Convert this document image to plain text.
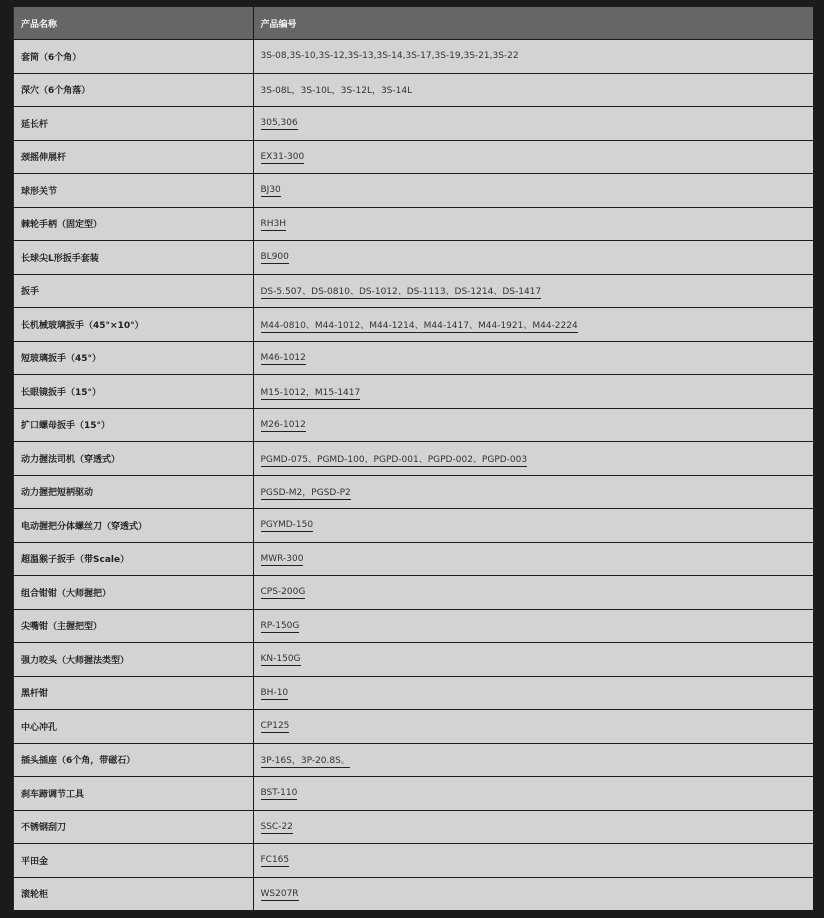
产品名称	产品编号
套筒（6个角）	3S-08,3S-10,3S-12,3S-13,3S-14,3S-17,3S-19,3S-21,3S-22
深穴（6个角落）	3S-08L，3S-10L，3S-12L，3S-14L
延长杆	305,306
颈摇伸展杆	EX31-300
球形关节	BJ30
棘轮手柄（固定型）	RH3H
长球尖L形扳手套装	BL900
扳手	DS-5.507、DS-0810、DS-1012、DS-1113、DS-1214、DS-1417
长机械玻璃扳手（45°×10°）	M44-0810、M44-1012、M44-1214、M44-1417、M44-1921、M44-2224
短玻璃扳手（45°）	M46-1012
长眼镜扳手（15°）	M15-1012，M15-1417
扩口螺母扳手（15°）	M26-1012
动力握法司机（穿透式）	PGMD-075、PGMD-100、PGPD-001、PGPD-002、PGPD-003
动力握把短柄驱动	PGSD-M2，PGSD-P2
电动握把分体螺丝刀（穿透式）	PGYMD-150
超温猴子扳手（带Scale）	MWR-300
组合钳钳（大师握把）	CPS-200G
尖嘴钳（主握把型）	RP-150G
强力咬头（大师握法类型）	KN-150G
黑杆钳	BH-10
中心冲孔	CP125
插头插座（6个角，带磁石）	3P-16S，3P-20.8S。
刹车蹄调节工具	BST-110
不锈钢刮刀	SSC-22
平田金	FC165
滚轮柜	WS207R
